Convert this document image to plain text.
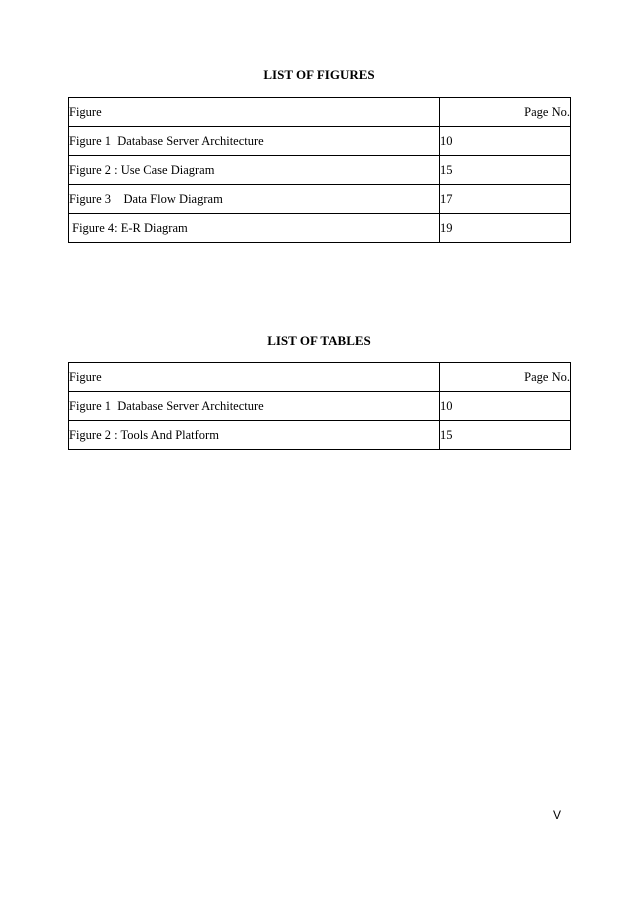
LIST OF FIGURES
Figure	Page No.
Figure 1  Database Server Architecture	10
Figure 2 : Use Case Diagram	15
Figure 3    Data Flow Diagram	17
Figure 4: E-R Diagram	19
LIST OF TABLES
Figure	Page No.
Figure 1  Database Server Architecture	10
Figure 2 : Tools And Platform	15
V
